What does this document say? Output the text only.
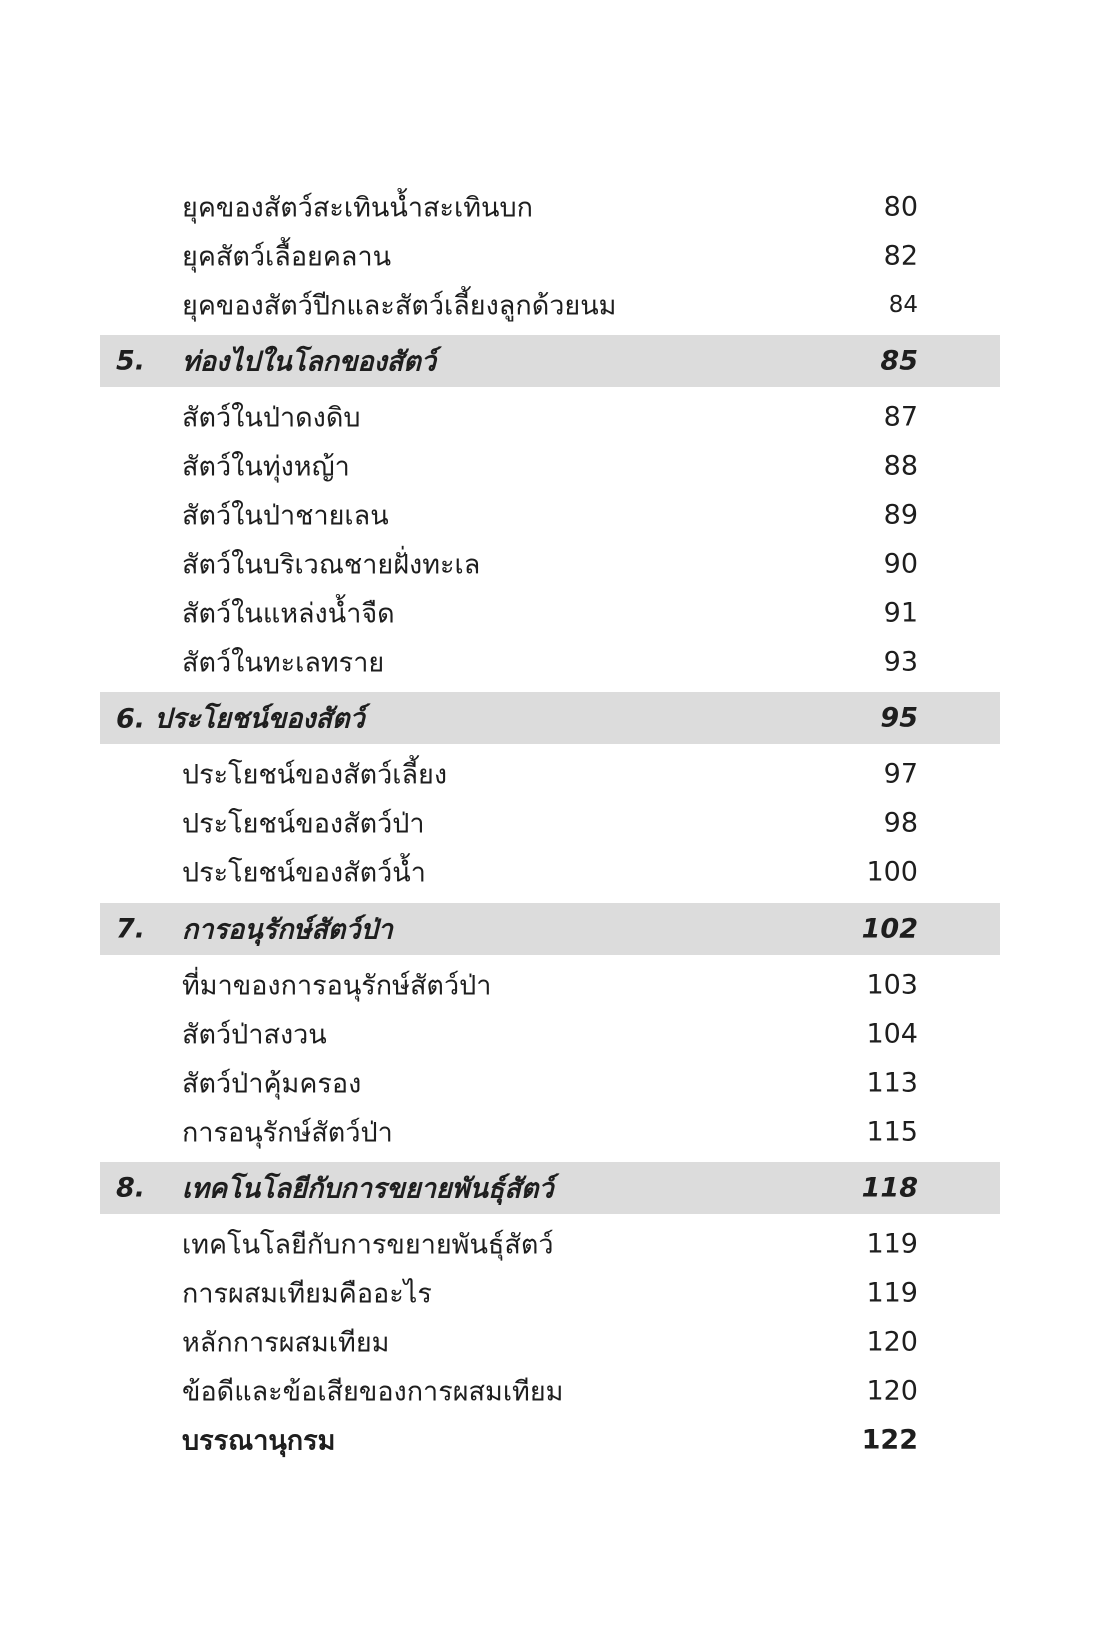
ยุคของสัตว์สะเทินน้ำสะเทินบก	80
ยุคสัตว์เลื้อยคลาน	82
ยุคของสัตว์ปีกและสัตว์เลี้ยงลูกด้วยนม	84
5. ท่องไปในโลกของสัตว์	85
สัตว์ในป่าดงดิบ	87
สัตว์ในทุ่งหญ้า	88
สัตว์ในป่าชายเลน	89
สัตว์ในบริเวณชายฝั่งทะเล	90
สัตว์ในแหล่งน้ำจืด	91
สัตว์ในทะเลทราย	93
6. ประโยชน์ของสัตว์	95
ประโยชน์ของสัตว์เลี้ยง	97
ประโยชน์ของสัตว์ป่า	98
ประโยชน์ของสัตว์น้ำ	100
7. การอนุรักษ์สัตว์ป่า	102
ที่มาของการอนุรักษ์สัตว์ป่า	103
สัตว์ป่าสงวน	104
สัตว์ป่าคุ้มครอง	113
การอนุรักษ์สัตว์ป่า	115
8. เทคโนโลยีกับการขยายพันธุ์สัตว์	118
เทคโนโลยีกับการขยายพันธุ์สัตว์	119
การผสมเทียมคืออะไร	119
หลักการผสมเทียม	120
ข้อดีและข้อเสียของการผสมเทียม	120
บรรณานุกรม	122
